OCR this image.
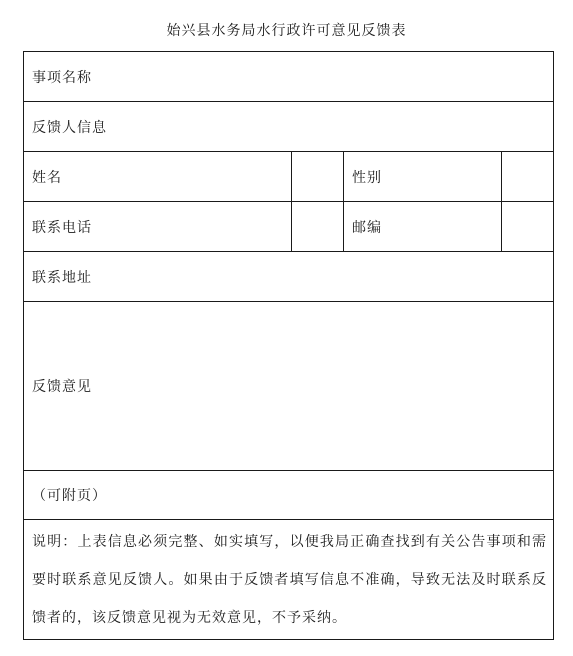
始兴县水务局水行政许可意见反馈表
事项名称			
反馈人信息			
姓名		性别	
联系电话		邮编	
联系地址			
反馈意见			
（可附页）			

说明：上表信息必须完整、如实填写，以便我局正确查找到有关公告事项和需要时联系意见反馈人。如果由于反馈者填写信息不准确，导致无法及时联系反馈者的，该反馈意见视为无效意见，不予采纳。			
